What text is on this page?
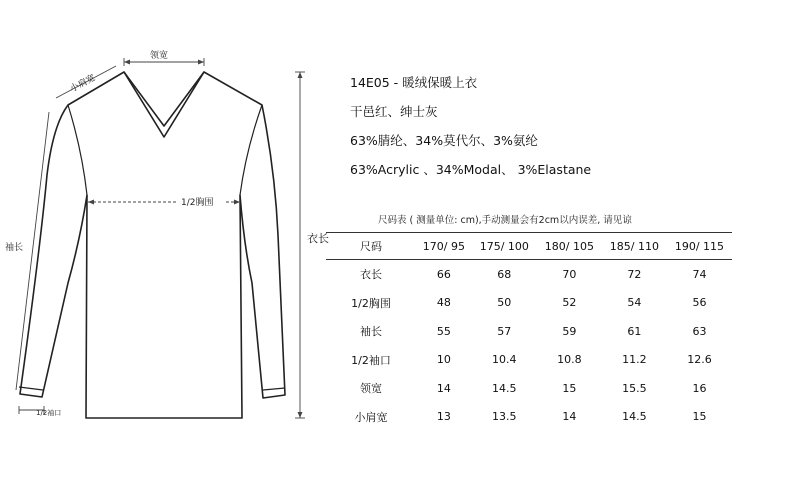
领宽
小肩宽
1/2胸围
袖长
衣长
1/2袖口
14E05 - 暖绒保暖上衣
干邑红、绅士灰
63%腈纶、34%莫代尔、3%氨纶
63%Acrylic 、34%Modal、 3%Elastane
尺码表 ( 测量单位: cm),手动测量会有2cm以内误差, 请见谅
尺码	170/ 95	175/ 100	180/ 105	185/ 110	190/ 115
衣长	66	68	70	72	74
1/2胸围	48	50	52	54	56
袖长	55	57	59	61	63
1/2袖口	10	10.4	10.8	11.2	12.6
领宽	14	14.5	15	15.5	16
小肩宽	13	13.5	14	14.5	15
